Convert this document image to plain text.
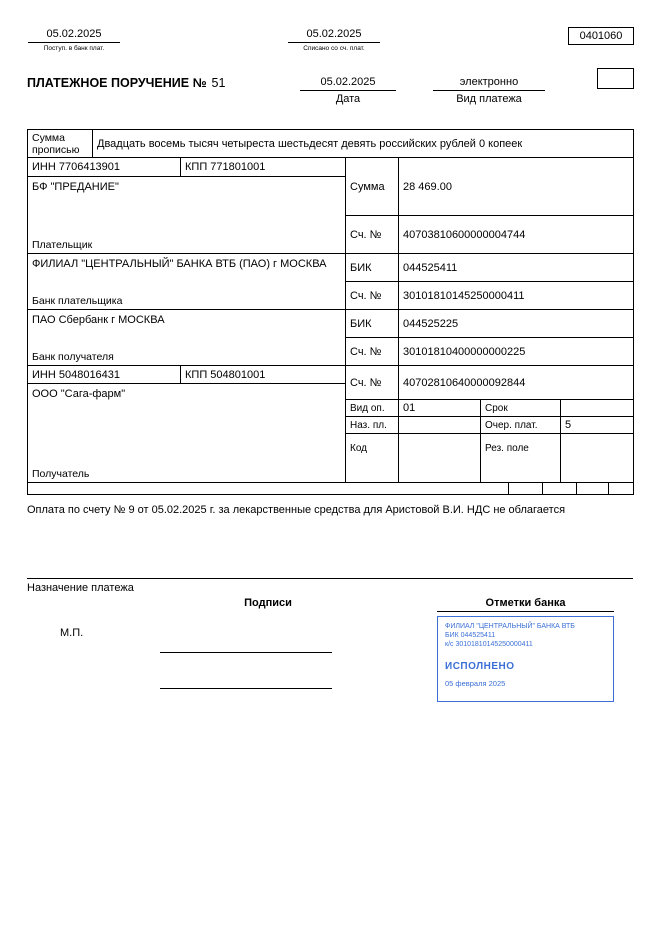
05.02.2025
Поступ. в банк плат.
05.02.2025
Списано со сч. плат.
0401060
ПЛАТЕЖНОЕ ПОРУЧЕНИЕ № 51	05.02.2025
Дата
электронно
Вид платежа
Сумма прописью
Двадцать восемь тысяч четыреста шестьдесят девять российских рублей 0 копеек
ИНН 7706413901	КПП 771801001
БФ "ПРЕДАНИЕ"
Плательщик
Сумма	28 469.00
Сч. №	40703810600000004744
ФИЛИАЛ "ЦЕНТРАЛЬНЫЙ" БАНКА ВТБ (ПАО) г МОСКВА
Банк плательщика
БИК	044525411
Сч. №	30101810145250000411
ПАО Сбербанк г МОСКВА
Банк получателя
БИК	044525225
Сч. №	30101810400000000225
ИНН 5048016431	КПП 504801001
ООО "Сага-фарм"
Получатель
Сч. №	40702810640000092844
Вид оп.	01	Срок
Наз. пл.	Очер. плат.	5
Код	Рез. поле
Оплата по счету № 9 от 05.02.2025 г. за лекарственные средства для Аристовой В.И. НДС не облагается
Назначение платежа
Подписи	Отметки банка
М.П.
ФИЛИАЛ "ЦЕНТРАЛЬНЫЙ" БАНКА ВТБ
БИК 044525411
к/с 30101810145250000411
ИСПОЛНЕНО
05 февраля 2025
